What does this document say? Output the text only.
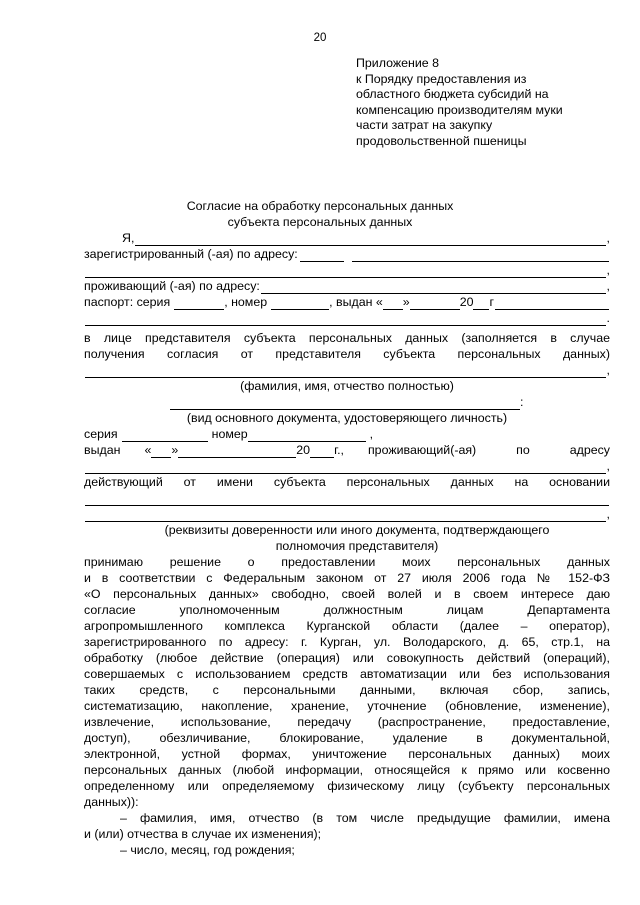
20
Приложение 8
к Порядку предоставления из
областного бюджета субсидий на
компенсацию производителям муки
части затрат на закупку
продовольственной пшеницы
Согласие на обработку персональных данных
субъекта персональных данных
Я,	,
зарегистрированный (-ая) по адресу:
,
проживающий (-ая) по адресу:	,
паспорт: серия	, номер	, выдан « »	20 г
.
в лице представителя субъекта персональных данных (заполняется в случае
получения согласия от представителя субъекта персональных данных)
,
(фамилия, имя, отчество полностью)
:
(вид основного документа, удостоверяющего личность)
серия	номер	,
выдан « »	20 г., проживающий(-ая) по адресу
,
действующий от имени субъекта персональных данных на основании
,
(реквизиты доверенности или иного документа, подтверждающего
полномочия представителя)

принимаю решение о предоставлении моих персональных данных

и в соответствии с Федеральным законом от 27 июля 2006 года № 152-ФЗ

«О персональных данных» свободно, своей волей и в своем интересе даю

согласие уполномоченным должностным лицам Департамента

агропромышленного комплекса Курганской области (далее – оператор),

зарегистрированного по адресу: г. Курган, ул. Володарского, д. 65, стр.1, на

обработку (любое действие (операция) или совокупность действий (операций),

совершаемых с использованием средств автоматизации или без использования

таких средств, с персональными данными, включая сбор, запись,

систематизацию, накопление, хранение, уточнение (обновление, изменение),

извлечение, использование, передачу (распространение, предоставление,

доступ), обезличивание, блокирование, удаление в документальной,

электронной, устной формах, уничтожение персональных данных) моих

персональных данных (любой информации, относящейся к прямо или косвенно

определенному или определяемому физическому лицу (субъекту персональных

данных)):

– фамилия, имя, отчество (в том числе предыдущие фамилии, имена

и (или) отчества в случае их изменения);

– число, месяц, год рождения;
